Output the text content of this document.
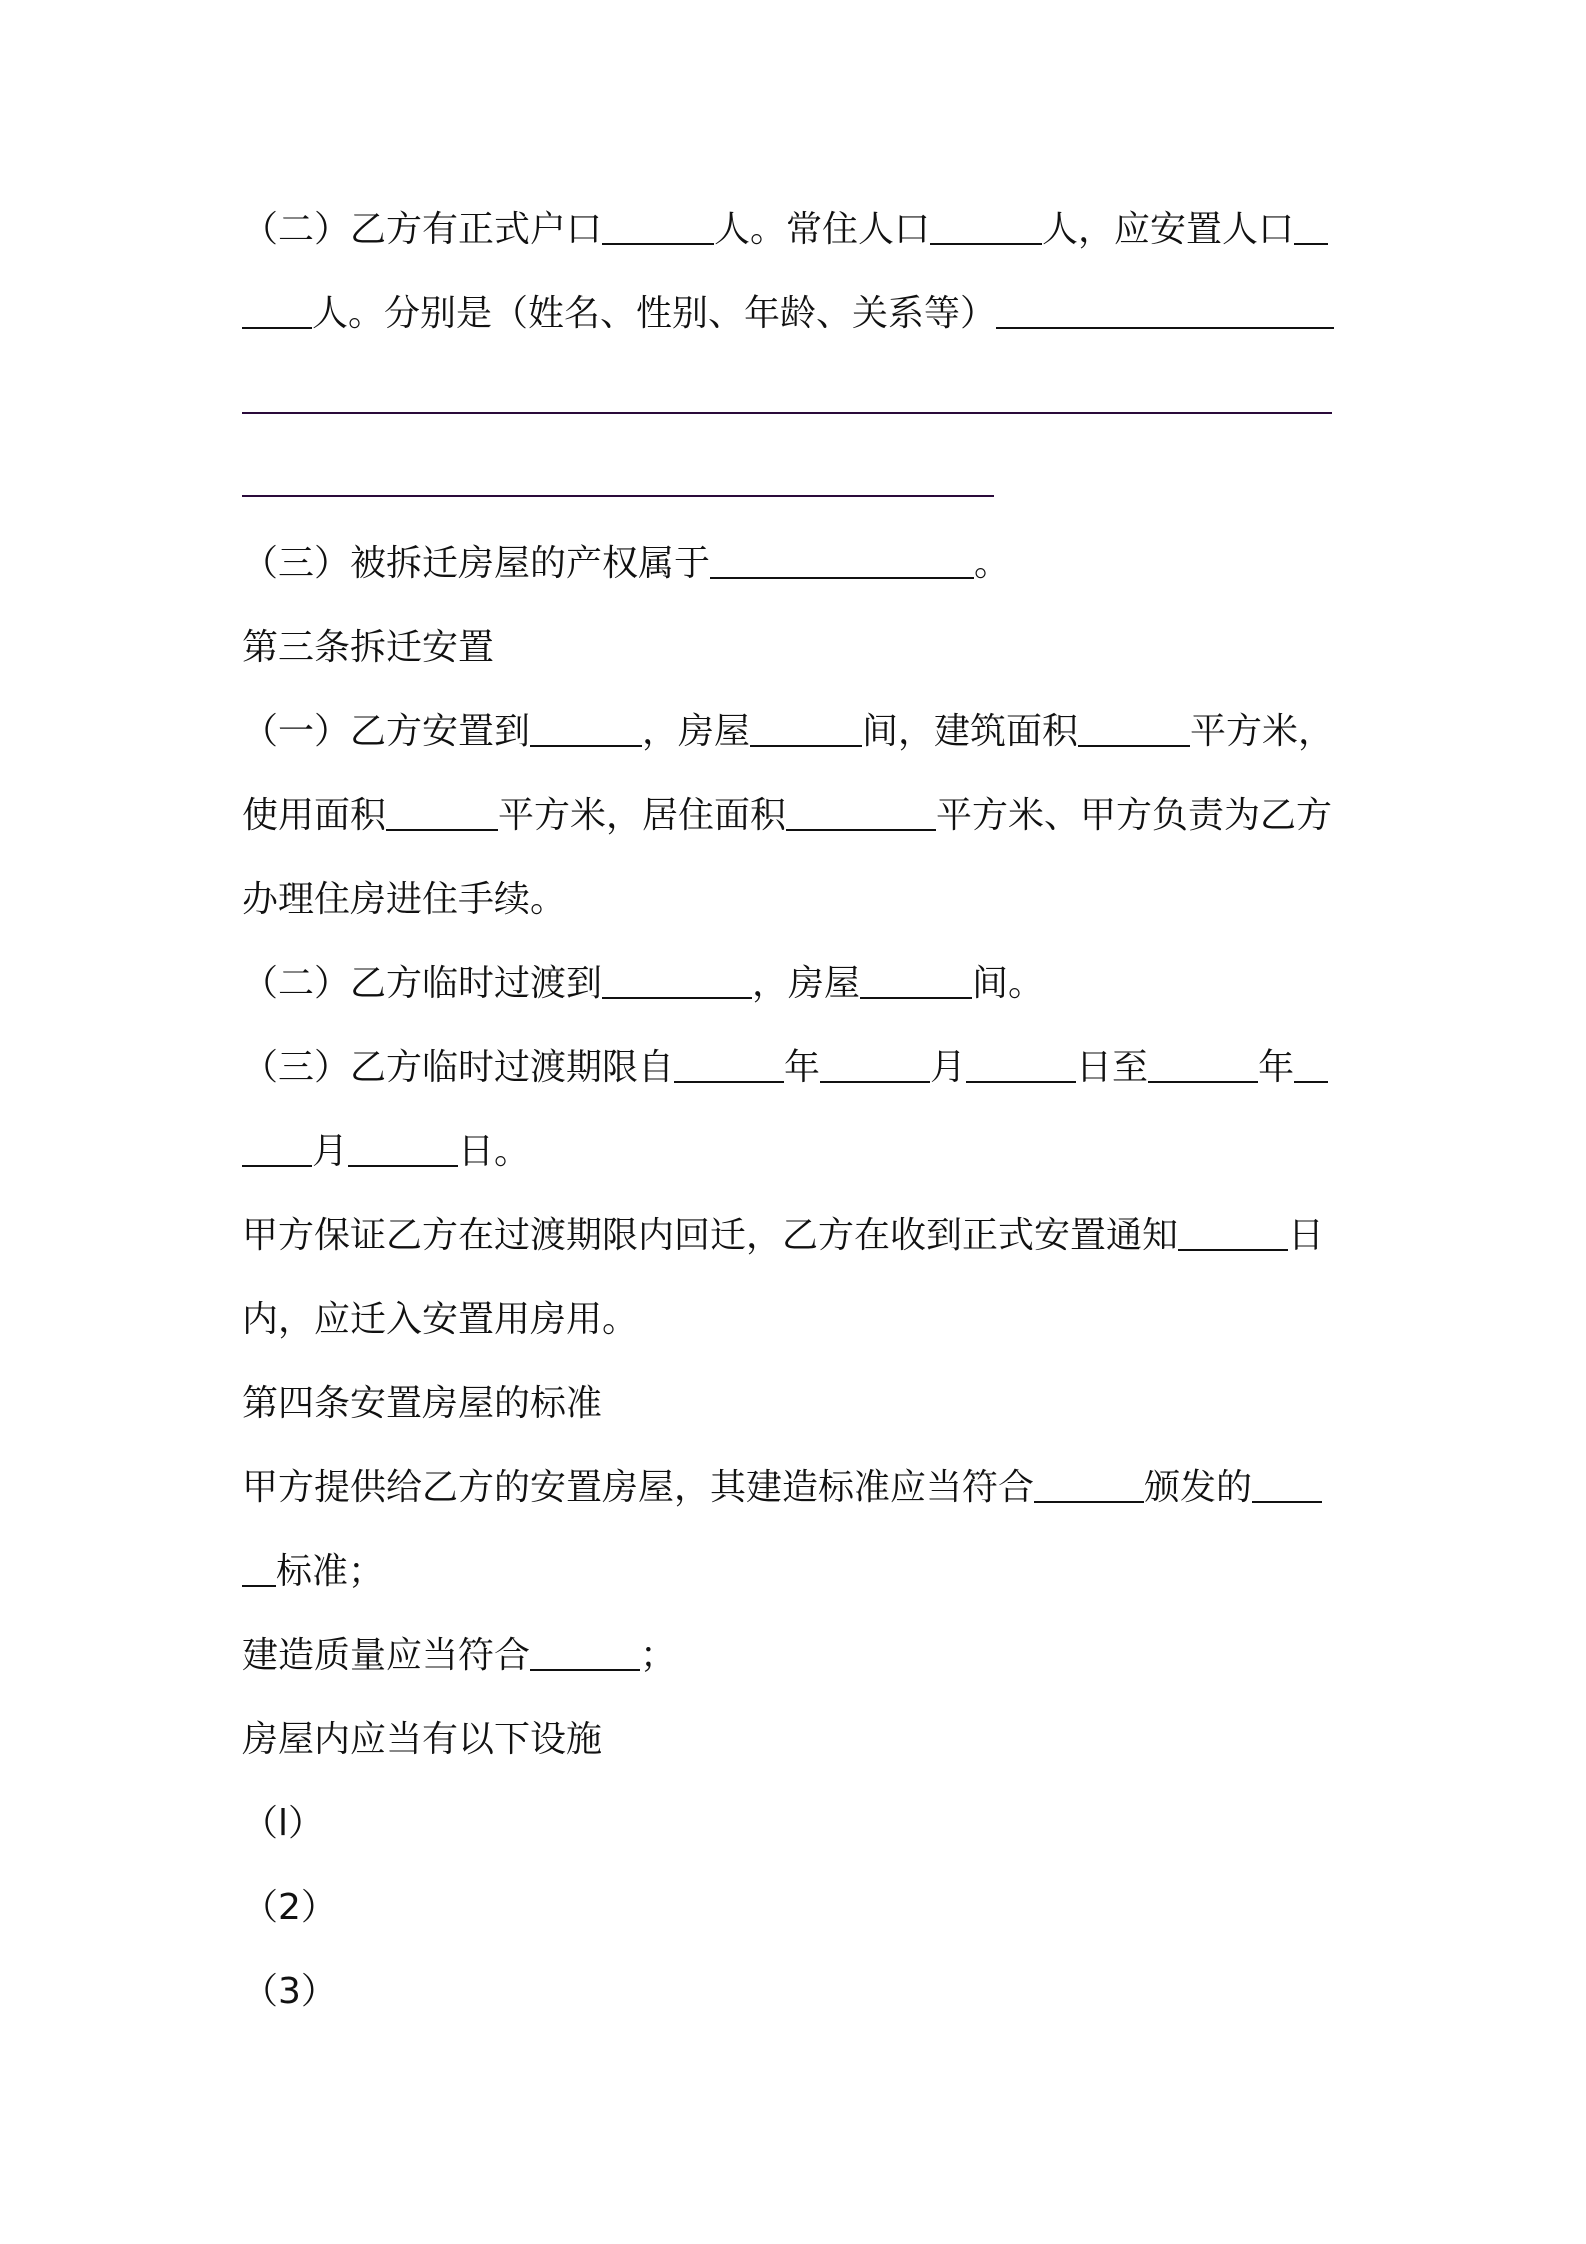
（二）乙方有正式户口	人。常住人口	人，应安置人口
人。分别是（姓名、性别、年龄、关系等）
（三）被拆迁房屋的产权属于	。
第三条拆迁安置
（一）乙方安置到	，房屋	间，建筑面积	平方米，
使用面积	平方米，居住面积	平方米、甲方负责为乙方
办理住房进住手续。
（二）乙方临时过渡到	，房屋	间。
（三）乙方临时过渡期限自	年	月	日至	年
月	日。
甲方保证乙方在过渡期限内回迁，乙方在收到正式安置通知	日
内，应迁入安置用房用。
第四条安置房屋的标准
甲方提供给乙方的安置房屋，其建造标准应当符合	颁发的
标准；
建造质量应当符合	；
房屋内应当有以下设施
（l）
（2）
（3）
